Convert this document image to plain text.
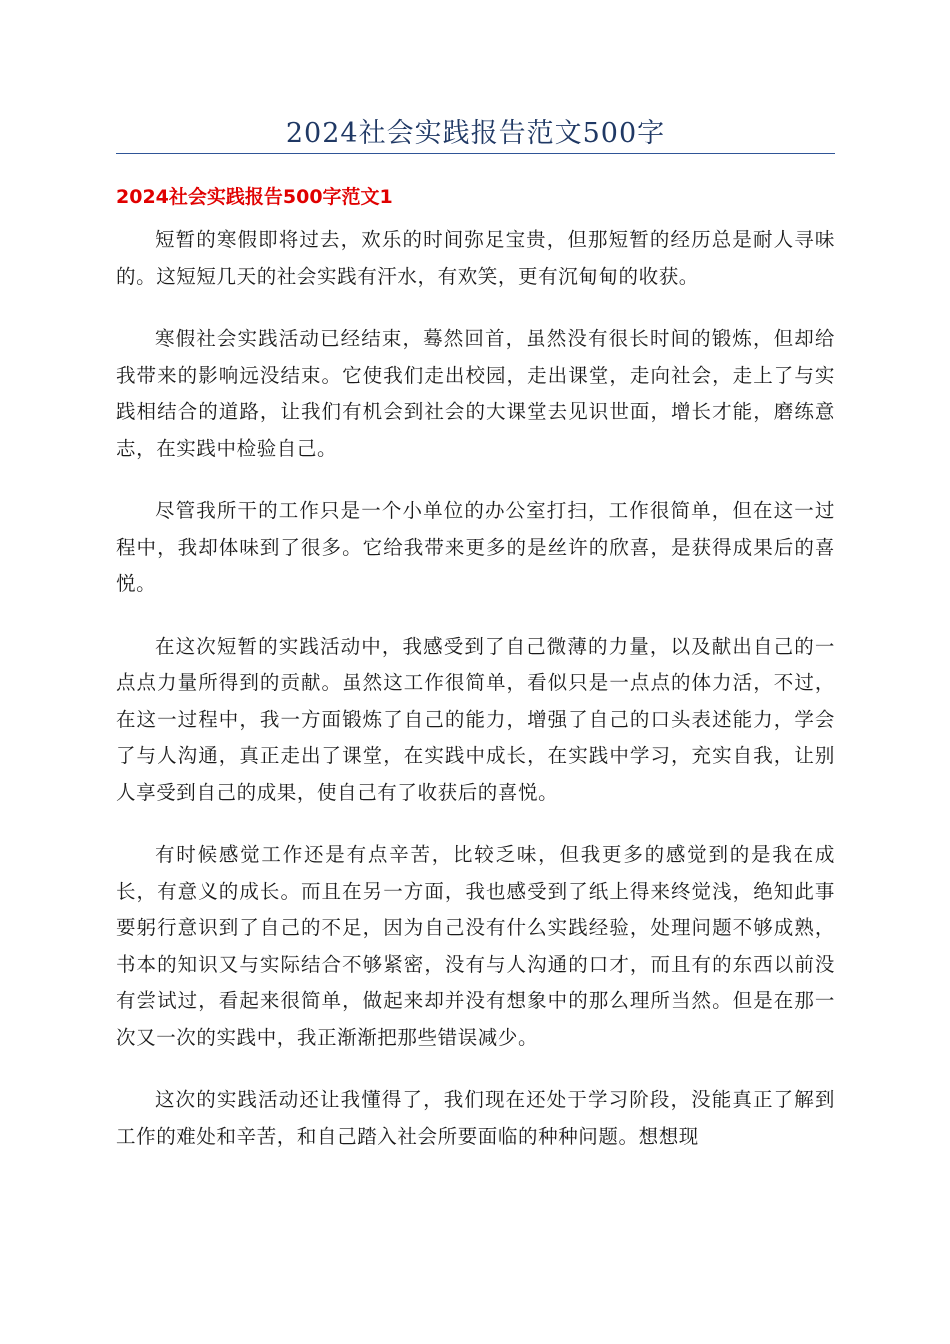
2024社会实践报告范文500字
2024社会实践报告500字范文1

短暂的寒假即将过去，欢乐的时间弥足宝贵，但那短暂的经历总是耐人寻味的。这短短几天的社会实践有汗水，有欢笑，更有沉甸甸的收获。

寒假社会实践活动已经结束，蓦然回首，虽然没有很长时间的锻炼，但却给我带来的影响远没结束。它使我们走出校园，走出课堂，走向社会，走上了与实践相结合的道路，让我们有机会到社会的大课堂去见识世面，增长才能，磨练意志，在实践中检验自己。

尽管我所干的工作只是一个小单位的办公室打扫，工作很简单，但在这一过程中，我却体味到了很多。它给我带来更多的是丝许的欣喜，是获得成果后的喜悦。

在这次短暂的实践活动中，我感受到了自己微薄的力量，以及献出自己的一点点力量所得到的贡献。虽然这工作很简单，看似只是一点点的体力活，不过，在这一过程中，我一方面锻炼了自己的能力，增强了自己的口头表述能力，学会了与人沟通，真正走出了课堂，在实践中成长，在实践中学习，充实自我，让别人享受到自己的成果，使自己有了收获后的喜悦。

有时候感觉工作还是有点辛苦，比较乏味，但我更多的感觉到的是我在成长，有意义的成长。而且在另一方面，我也感受到了纸上得来终觉浅，绝知此事要躬行意识到了自己的不足，因为自己没有什么实践经验，处理问题不够成熟，书本的知识又与实际结合不够紧密，没有与人沟通的口才，而且有的东西以前没有尝试过，看起来很简单，做起来却并没有想象中的那么理所当然。但是在那一次又一次的实践中，我正渐渐把那些错误减少。

这次的实践活动还让我懂得了，我们现在还处于学习阶段，没能真正了解到工作的难处和辛苦，和自己踏入社会所要面临的种种问题。想想现
